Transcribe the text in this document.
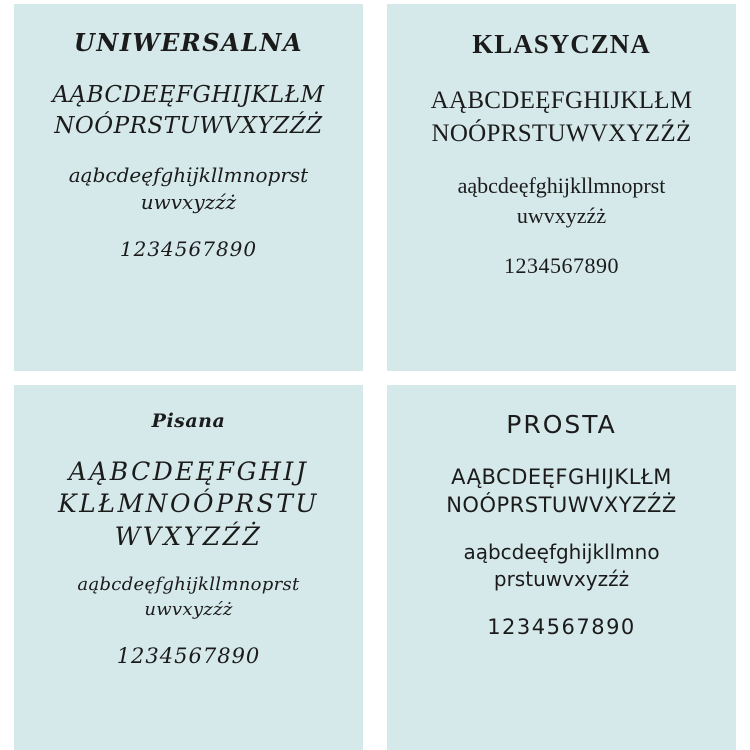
UNIWERSALNA
AĄBCDEĘFGHIJKLŁM
NOÓPRSTUWVXYZŹŻ
aąbcdeęfghijkllmnoprst
uwvxyzźż
1234567890
KLASYCZNA
AĄBCDEĘFGHIJKLŁM
NOÓPRSTUWVXYZŹŻ
aąbcdeęfghijkllmnoprst
uwvxyzźż
1234567890
Pisana
AĄBCDEĘFGHIJ
KLŁMNOÓPRSTU
WVXYZŹŻ
aąbcdeęfghijkllmnoprst
uwvxyzźż
1234567890
PROSTA
AĄBCDEĘFGHIJKLŁM
NOÓPRSTUWVXYZŹŻ
aąbcdeęfghijkllmno
prstuwvxyzźż
1234567890
